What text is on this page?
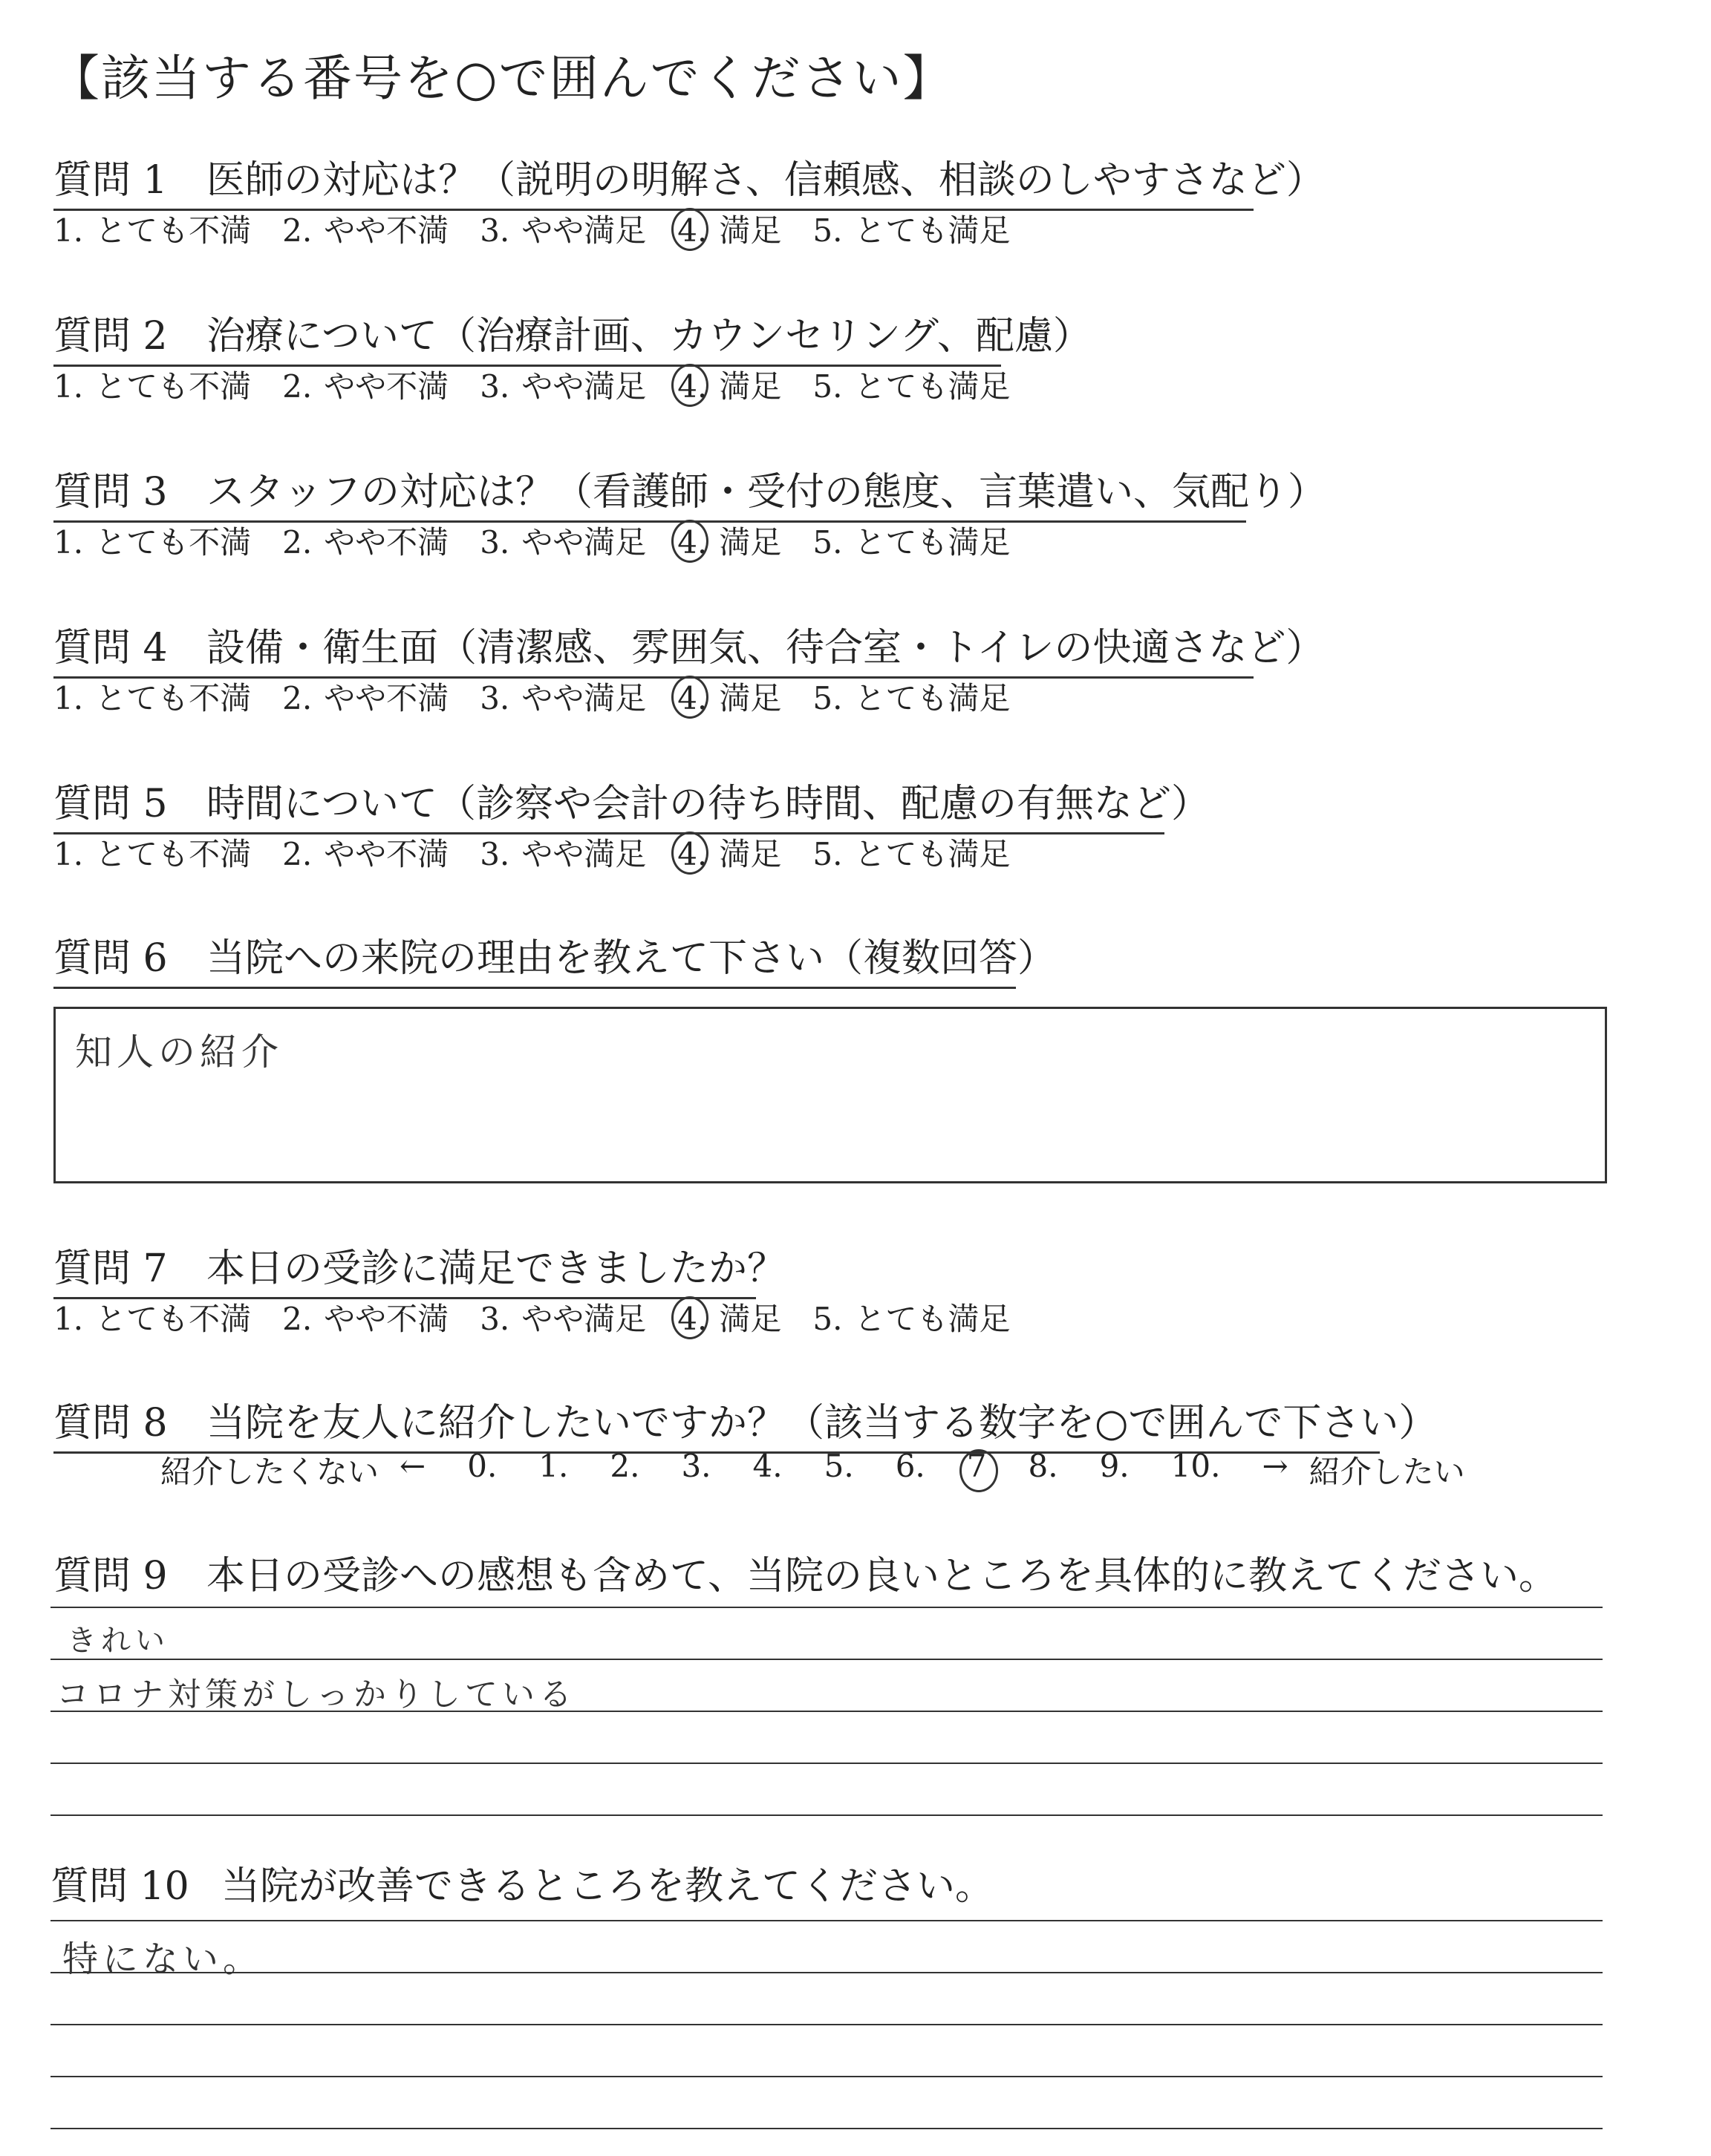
【該当する番号を○で囲んでください】
質問 1 医師の対応は？（説明の明解さ、信頼感、相談のしやすさなど）
1. とても不満 2. やや不満 3. やや満足 4. 満足 5. とても満足
質問 2 治療について（治療計画、カウンセリング、配慮）
1. とても不満 2. やや不満 3. やや満足 4. 満足 5. とても満足
質問 3 スタッフの対応は？（看護師・受付の態度、言葉遣い、気配り）
1. とても不満 2. やや不満 3. やや満足 4. 満足 5. とても満足
質問 4 設備・衛生面（清潔感、雰囲気、待合室・トイレの快適さなど）
1. とても不満 2. やや不満 3. やや満足 4. 満足 5. とても満足
質問 5 時間について（診察や会計の待ち時間、配慮の有無など）
1. とても不満 2. やや不満 3. やや満足 4. 満足 5. とても満足
質問 6 当院への来院の理由を教えて下さい（複数回答）
知人の紹介
質問 7 本日の受診に満足できましたか？
1. とても不満 2. やや不満 3. やや満足 4. 満足 5. とても満足
質問 8 当院を友人に紹介したいですか？（該当する数字を○で囲んで下さい）
紹介したくない ← 0. 1. 2. 3. 4. 5. 6. 7 8. 9. 10. → 紹介したい
質問 9 本日の受診への感想も含めて、当院の良いところを具体的に教えてください。
きれい
コロナ対策がしっかりしている
質問 10 当院が改善できるところを教えてください。
特にない。
